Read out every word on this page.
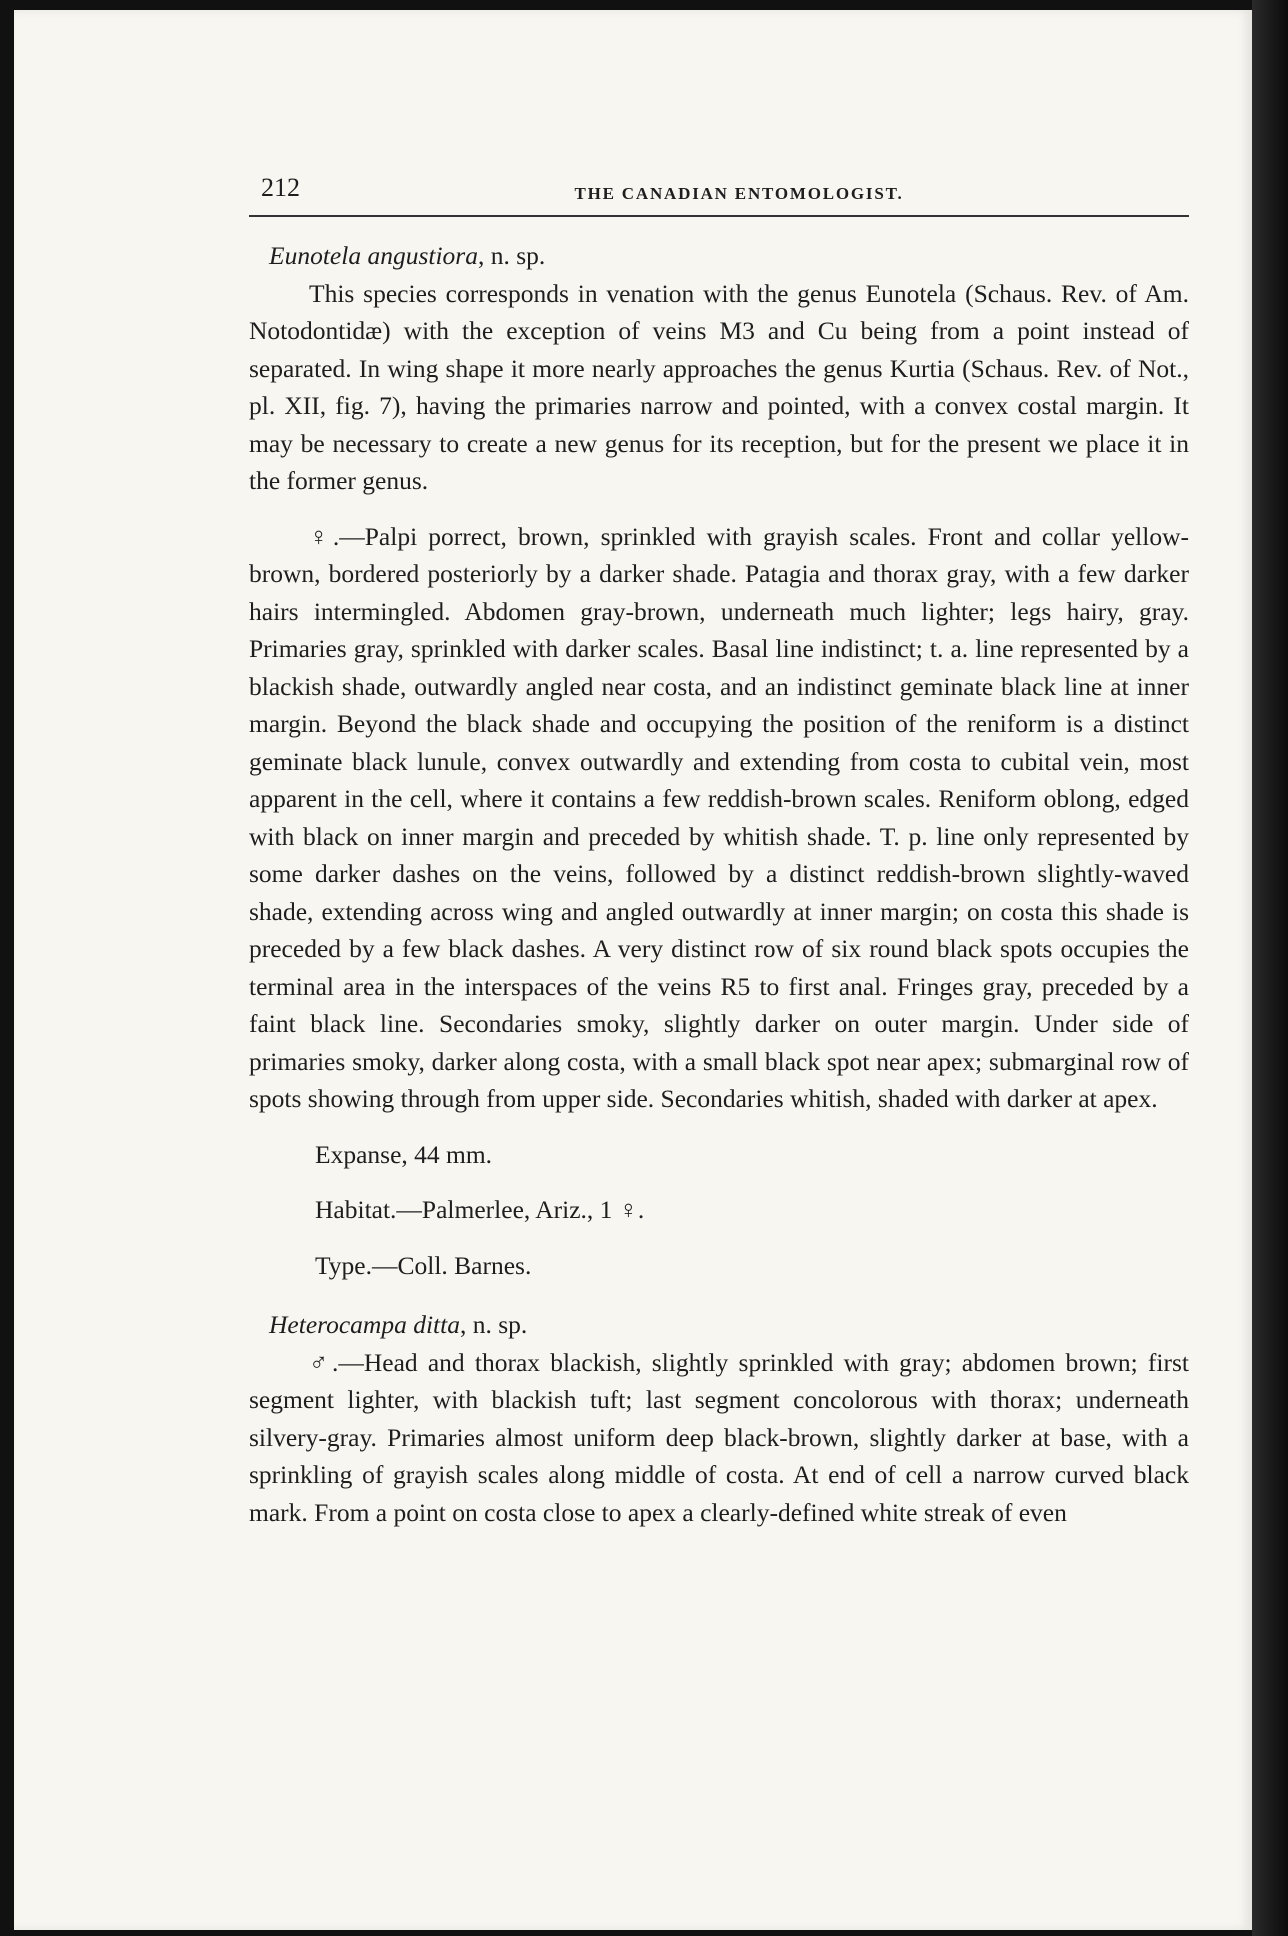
212	THE CANADIAN ENTOMOLOGIST.

Eunotela angustiora, n. sp.

This species corresponds in venation with the genus Eunotela (Schaus. Rev. of Am. Notodontidæ) with the exception of veins M3 and Cu being from a point instead of separated. In wing shape it more nearly approaches the genus Kurtia (Schaus. Rev. of Not., pl. XII, fig. 7), having the primaries narrow and pointed, with a convex costal margin. It may be necessary to create a new genus for its reception, but for the present we place it in the former genus.

♀.—Palpi porrect, brown, sprinkled with grayish scales. Front and collar yellow-brown, bordered posteriorly by a darker shade. Patagia and thorax gray, with a few darker hairs intermingled. Abdomen gray-brown, underneath much lighter; legs hairy, gray. Primaries gray, sprinkled with darker scales. Basal line indistinct; t. a. line represented by a blackish shade, outwardly angled near costa, and an indistinct geminate black line at inner margin. Beyond the black shade and occupying the position of the reniform is a distinct geminate black lunule, convex outwardly and extending from costa to cubital vein, most apparent in the cell, where it contains a few reddish-brown scales. Reniform oblong, edged with black on inner margin and preceded by whitish shade. T. p. line only represented by some darker dashes on the veins, followed by a distinct reddish-brown slightly-waved shade, extending across wing and angled outwardly at inner margin; on costa this shade is preceded by a few black dashes. A very distinct row of six round black spots occupies the terminal area in the interspaces of the veins R5 to first anal. Fringes gray, preceded by a faint black line. Secondaries smoky, slightly darker on outer margin. Under side of primaries smoky, darker along costa, with a small black spot near apex; submarginal row of spots showing through from upper side. Secondaries whitish, shaded with darker at apex.

Expanse, 44 mm.

Habitat.—Palmerlee, Ariz., 1 ♀.

Type.—Coll. Barnes.

Heterocampa ditta, n. sp.

♂.—Head and thorax blackish, slightly sprinkled with gray; abdomen brown; first segment lighter, with blackish tuft; last segment concolorous with thorax; underneath silvery-gray. Primaries almost uniform deep black-brown, slightly darker at base, with a sprinkling of grayish scales along middle of costa. At end of cell a narrow curved black mark. From a point on costa close to apex a clearly-defined white streak of even
